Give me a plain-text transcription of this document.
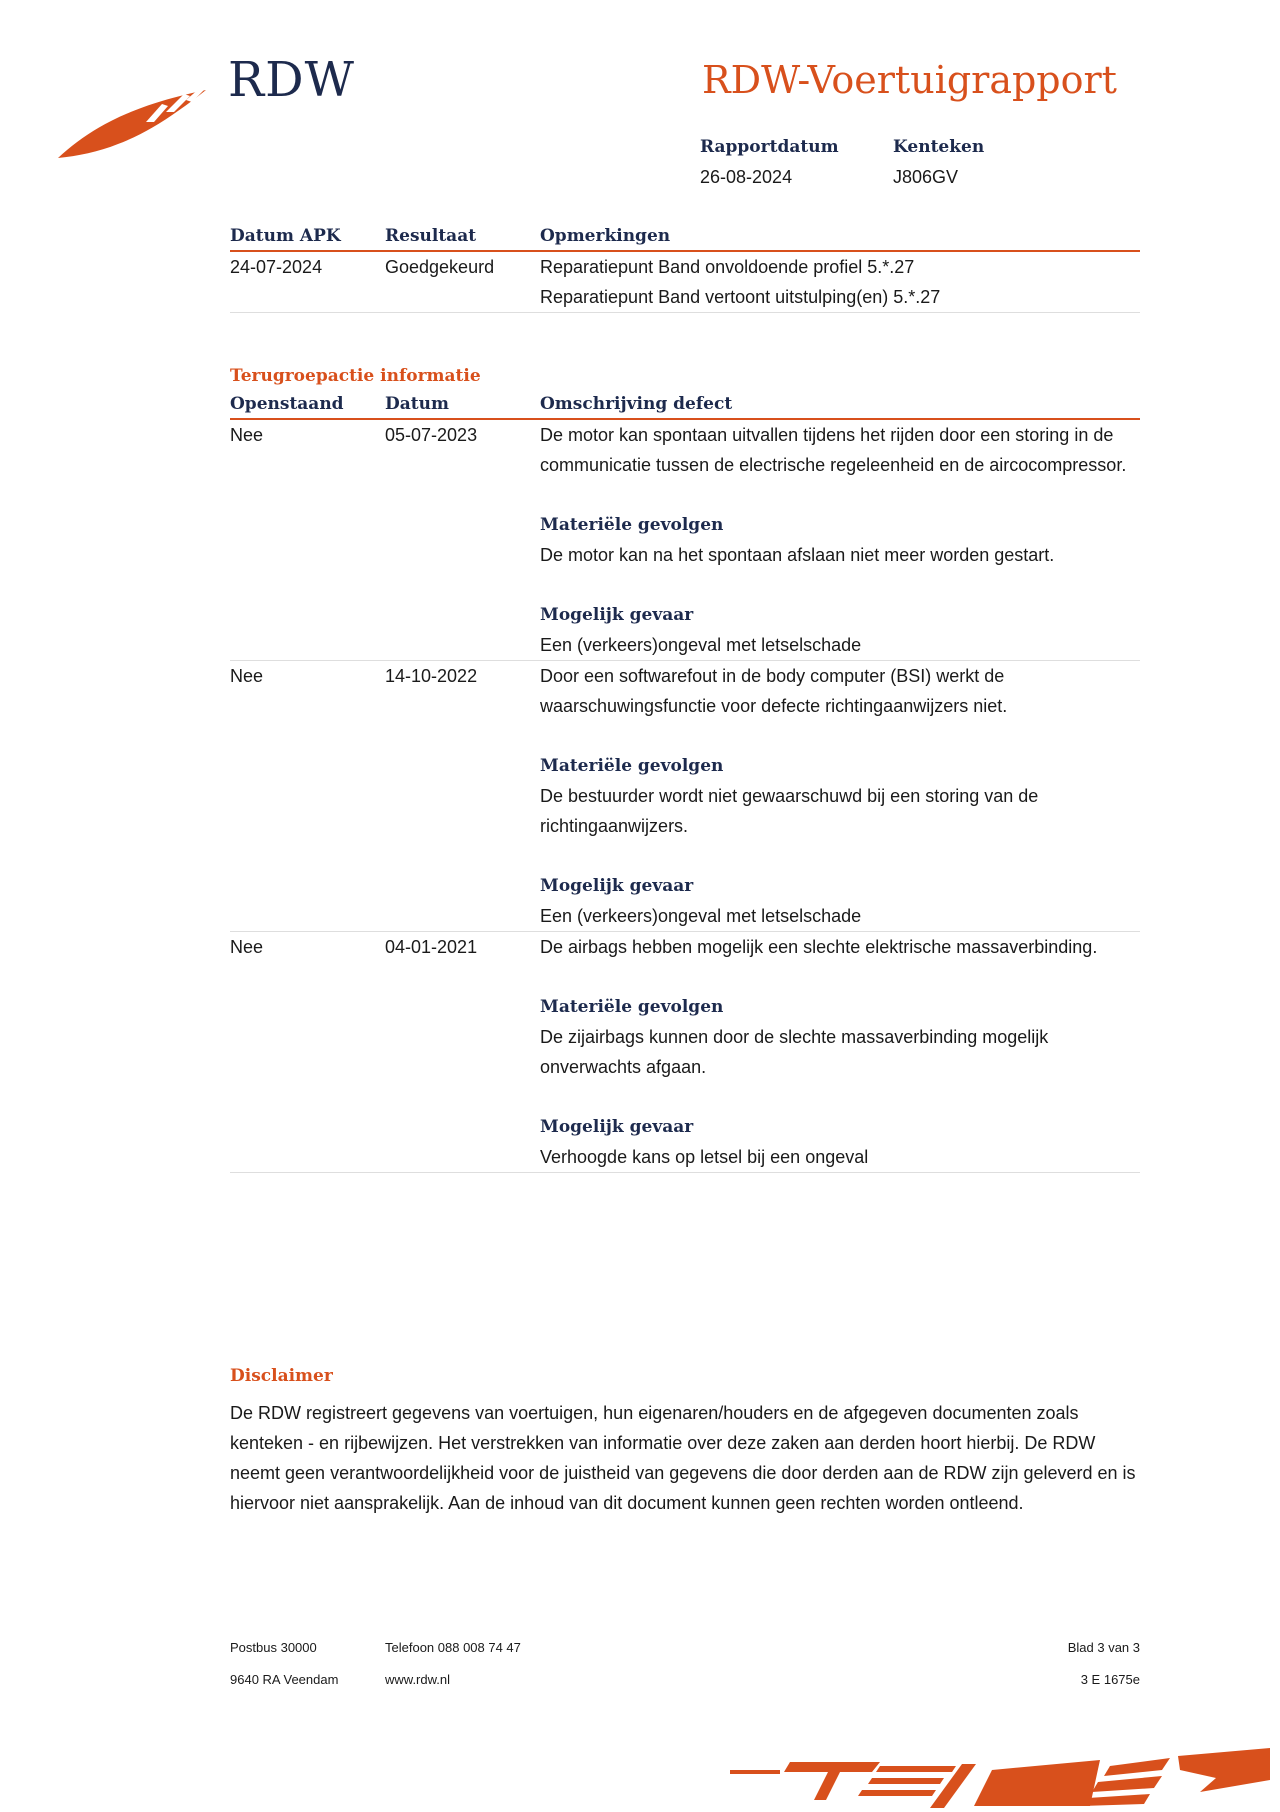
RDW	RDW-Voertuigrapport
Rapportdatum
26-08-2024
Kenteken
J806GV
Datum APK	Resultaat	Opmerkingen
24-07-2024	Goedgekeurd	Reparatiepunt Band onvoldoende profiel 5.*.27
Reparatiepunt Band vertoont uitstulping(en) 5.*.27
Terugroepactie informatie
Openstaand	Datum	Omschrijving defect
Nee	05-07-2023	De motor kan spontaan uitvallen tijdens het rijden door een storing in de communicatie tussen de electrische regeleenheid en de aircocompressor.
Materiële gevolgen
De motor kan na het spontaan afslaan niet meer worden gestart.
Mogelijk gevaar
Een (verkeers)ongeval met letselschade
Nee	14-10-2022	Door een softwarefout in de body computer (BSI) werkt de waarschuwingsfunctie voor defecte richtingaanwijzers niet.
Materiële gevolgen
De bestuurder wordt niet gewaarschuwd bij een storing van de richtingaanwijzers.
Mogelijk gevaar
Een (verkeers)ongeval met letselschade
Nee	04-01-2021	De airbags hebben mogelijk een slechte elektrische massaverbinding.
Materiële gevolgen
De zijairbags kunnen door de slechte massaverbinding mogelijk onverwachts afgaan.
Mogelijk gevaar
Verhoogde kans op letsel bij een ongeval
Disclaimer

De RDW registreert gegevens van voertuigen, hun eigenaren/houders en de afgegeven documenten zoals kenteken - en rijbewijzen. Het verstrekken van informatie over deze zaken aan derden hoort hierbij. De RDW neemt geen verantwoordelijkheid voor de juistheid van gegevens die door derden aan de RDW zijn geleverd en is hiervoor niet aansprakelijk. Aan de inhoud van dit document kunnen geen rechten worden ontleend.

Postbus 30000
9640 RA Veendam
Telefoon 088 008 74 47
www.rdw.nl
Blad 3 van 3
3 E 1675e
